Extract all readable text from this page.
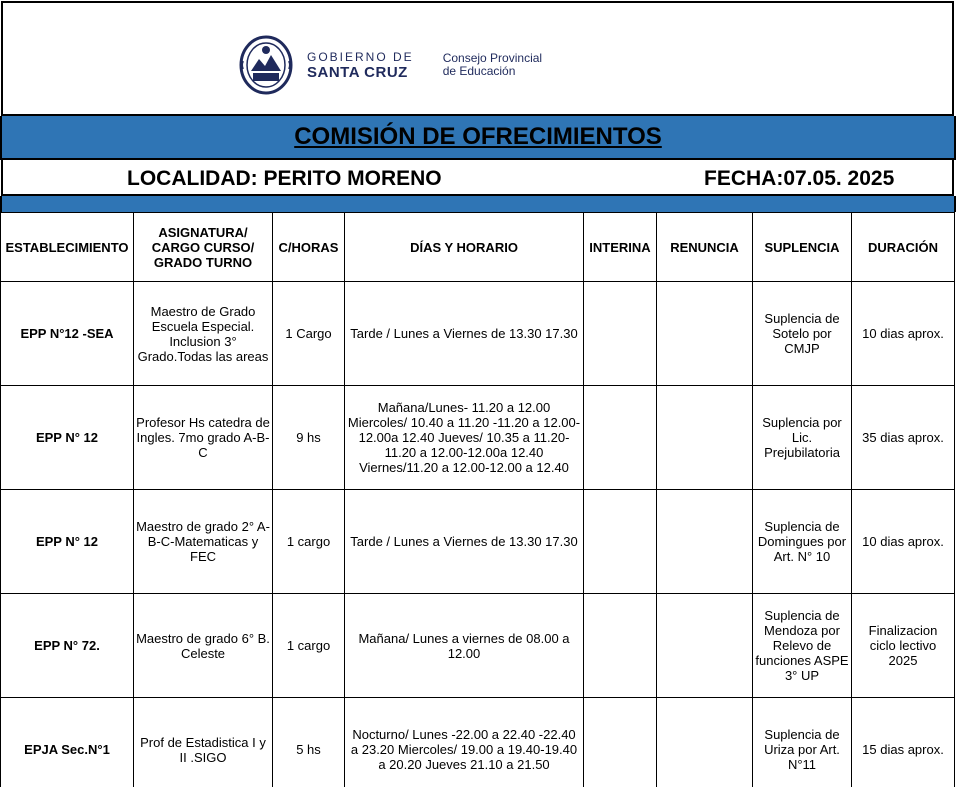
GOBIERNO DE
SANTA CRUZ
Consejo Provincial
de Educación
COMISIÓN DE OFRECIMIENTOS
LOCALIDAD: PERITO MORENO	FECHA:07.05. 2025
ESTABLECIMIENTO	ASIGNATURA/ CARGO CURSO/ GRADO TURNO	C/HORAS	DÍAS Y HORARIO	INTERINA	RENUNCIA	SUPLENCIA	DURACIÓN
EPP N°12 -SEA	Maestro de Grado Escuela Especial. Inclusion 3° Grado.Todas las areas	1 Cargo	Tarde / Lunes a Viernes de 13.30 17.30			Suplencia de Sotelo por CMJP	10 dias aprox.
EPP N° 12	Profesor Hs catedra de Ingles. 7mo grado A-B-C	9 hs	Mañana/Lunes- 11.20 a 12.00 Miercoles/ 10.40 a 11.20 -11.20 a 12.00-12.00a 12.40 Jueves/ 10.35 a 11.20-11.20 a 12.00-12.00a 12.40 Viernes/11.20 a 12.00-12.00 a 12.40			Suplencia por Lic. Prejubilatoria	35 dias aprox.
EPP N° 12	Maestro de grado 2° A-B-C-Matematicas y FEC	1 cargo	Tarde / Lunes a Viernes de 13.30 17.30			Suplencia de Domingues por Art. N° 10	10 dias aprox.
EPP N° 72.	Maestro de grado 6° B. Celeste	1 cargo	Mañana/ Lunes a viernes de 08.00 a 12.00			Suplencia de Mendoza por Relevo de funciones ASPE 3° UP	Finalizacion ciclo lectivo 2025
EPJA Sec.N°1	Prof de Estadistica I y II .SIGO	5 hs	Nocturno/ Lunes -22.00 a 22.40 -22.40 a 23.20 Miercoles/ 19.00 a 19.40-19.40 a 20.20 Jueves 21.10 a 21.50			Suplencia de Uriza por Art. N°11	15 dias aprox.
